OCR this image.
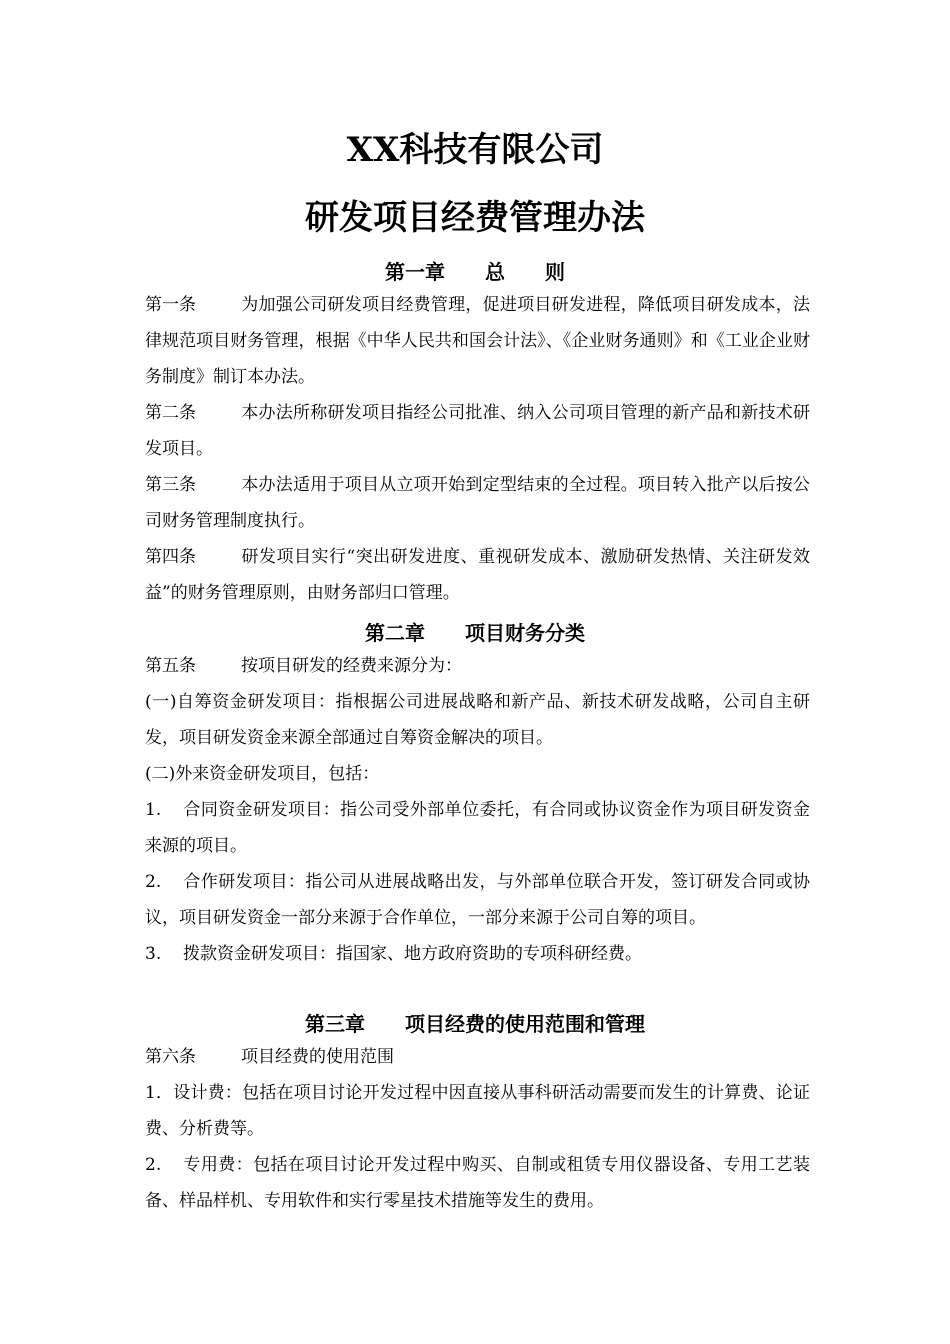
XX科技有限公司
研发项目经费管理办法
第一章　　总　　则

第一条	为加强公司研发项目经费管理，促进项目研发进程，降低项目研发成本，法律规范项目财务管理，根据《中华人民共和国会计法》、《企业财务通则》和《工业企业财务制度》制订本办法。

第二条	本办法所称研发项目指经公司批准、纳入公司项目管理的新产品和新技术研发项目。

第三条	本办法适用于项目从立项开始到定型结束的全过程。项目转入批产以后按公司财务管理制度执行。

第四条	研发项目实行“突出研发进度、重视研发成本、激励研发热情、关注研发效益”的财务管理原则，由财务部归口管理。

第二章　　项目财务分类

第五条	按项目研发的经费来源分为：

(一)自筹资金研发项目：指根据公司进展战略和新产品、新技术研发战略，公司自主研发，项目研发资金来源全部通过自筹资金解决的项目。

(二)外来资金研发项目，包括：

1. 合同资金研发项目：指公司受外部单位委托，有合同或协议资金作为项目研发资金来源的项目。

2. 合作研发项目：指公司从进展战略出发，与外部单位联合开发，签订研发合同或协议，项目研发资金一部分来源于合作单位，一部分来源于公司自筹的项目。

3. 拨款资金研发项目：指国家、地方政府资助的专项科研经费。

第三章　　项目经费的使用范围和管理

第六条	项目经费的使用范围

1．设计费：包括在项目讨论开发过程中因直接从事科研活动需要而发生的计算费、论证费、分析费等。

2. 专用费：包括在项目讨论开发过程中购买、自制或租赁专用仪器设备、专用工艺装备、样品样机、专用软件和实行零星技术措施等发生的费用。
